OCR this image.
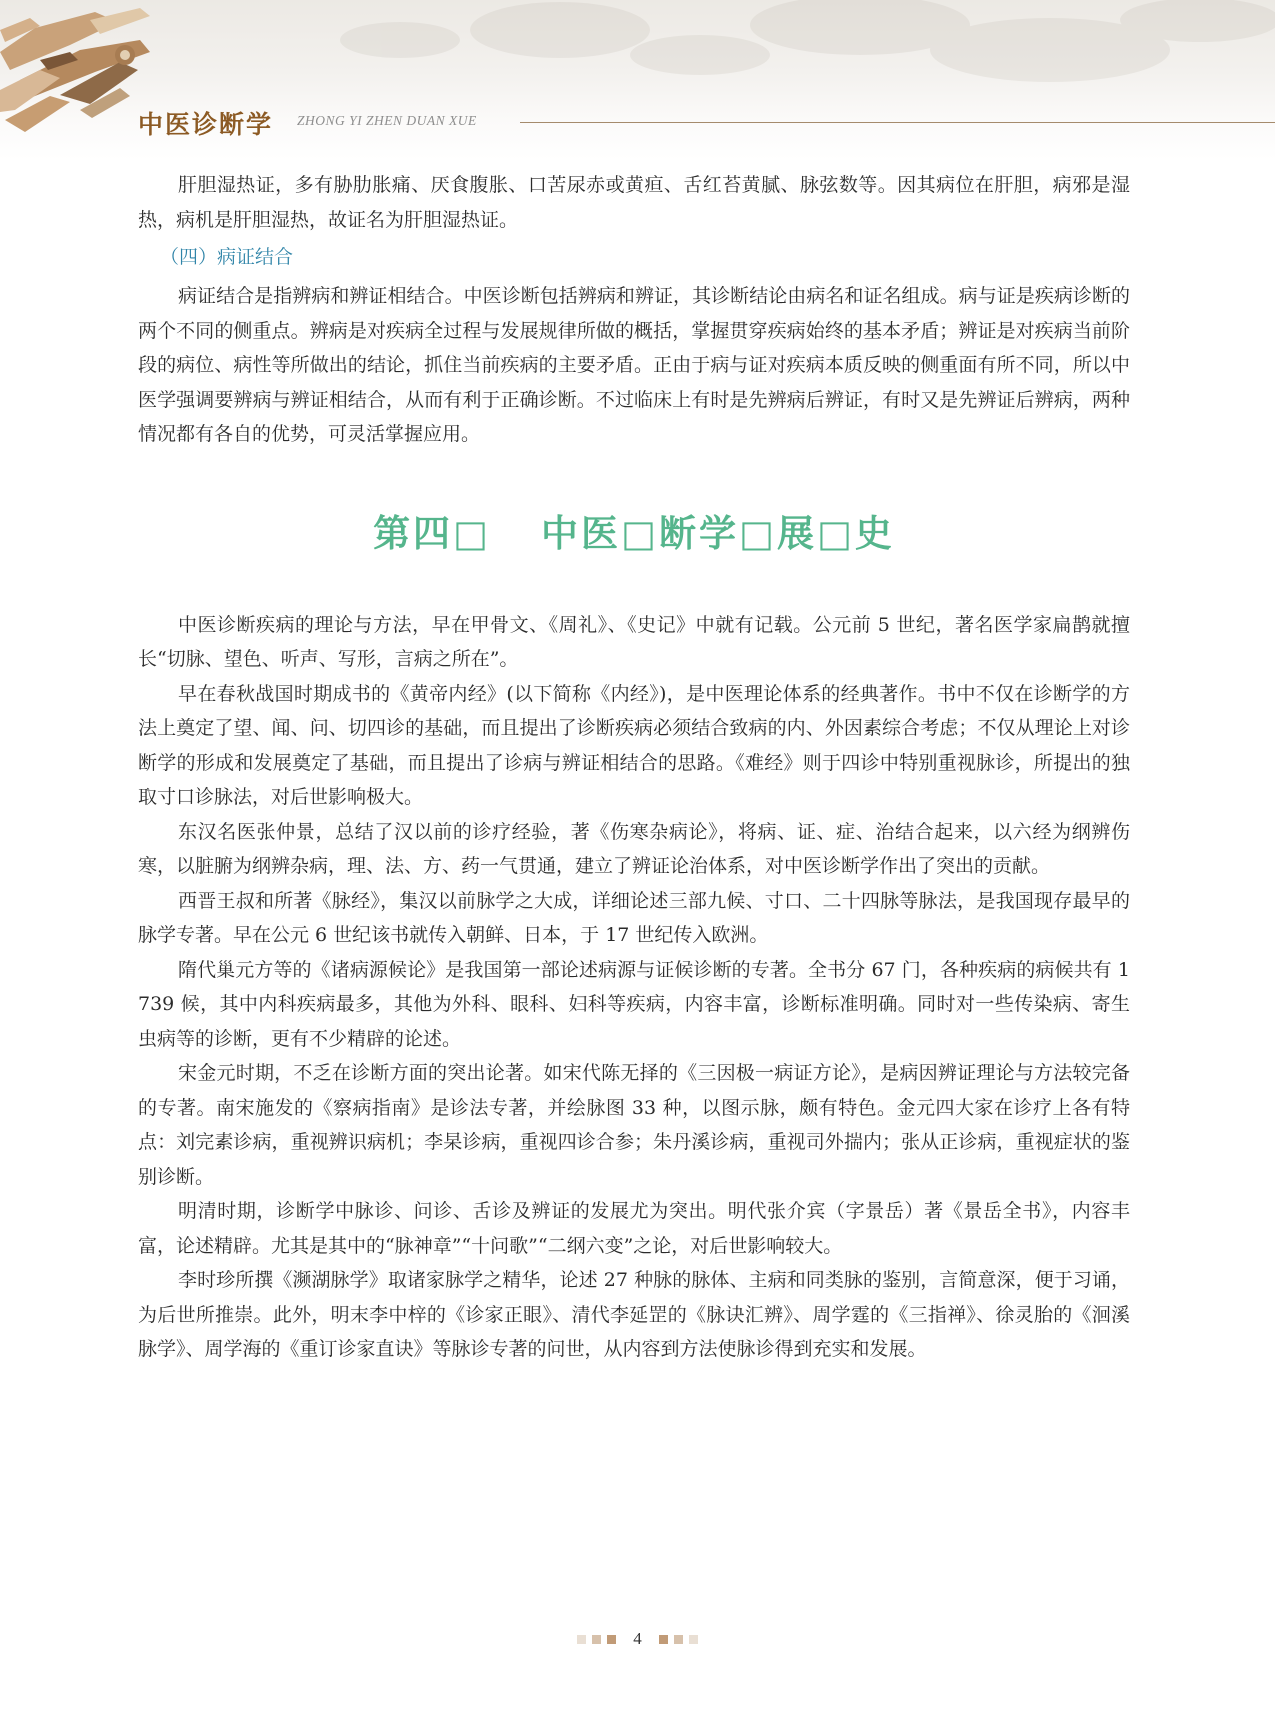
中医诊断学 ZHONG YI ZHEN DUAN XUE

肝胆湿热证，多有胁肋胀痛、厌食腹胀、口苦尿赤或黄疸、舌红苔黄腻、脉弦数等。因其病位在肝胆，病邪是湿热，病机是肝胆湿热，故证名为肝胆湿热证。

（四）病证结合

病证结合是指辨病和辨证相结合。中医诊断包括辨病和辨证，其诊断结论由病名和证名组成。病与证是疾病诊断的两个不同的侧重点。辨病是对疾病全过程与发展规律所做的概括，掌握贯穿疾病始终的基本矛盾；辨证是对疾病当前阶段的病位、病性等所做出的结论，抓住当前疾病的主要矛盾。正由于病与证对疾病本质反映的侧重面有所不同，所以中医学强调要辨病与辨证相结合，从而有利于正确诊断。不过临床上有时是先辨病后辨证，有时又是先辨证后辨病，两种情况都有各自的优势，可灵活掌握应用。

第四□ 中医□断学□展□史

中医诊断疾病的理论与方法，早在甲骨文、《周礼》、《史记》中就有记载。公元前 5 世纪，著名医学家扁鹊就擅长“切脉、望色、听声、写形，言病之所在”。

早在春秋战国时期成书的《黄帝内经》(以下简称《内经》)，是中医理论体系的经典著作。书中不仅在诊断学的方法上奠定了望、闻、问、切四诊的基础，而且提出了诊断疾病必须结合致病的内、外因素综合考虑；不仅从理论上对诊断学的形成和发展奠定了基础，而且提出了诊病与辨证相结合的思路。《难经》则于四诊中特别重视脉诊，所提出的独取寸口诊脉法，对后世影响极大。

东汉名医张仲景，总结了汉以前的诊疗经验，著《伤寒杂病论》，将病、证、症、治结合起来，以六经为纲辨伤寒，以脏腑为纲辨杂病，理、法、方、药一气贯通，建立了辨证论治体系，对中医诊断学作出了突出的贡献。

西晋王叔和所著《脉经》，集汉以前脉学之大成，详细论述三部九候、寸口、二十四脉等脉法，是我国现存最早的脉学专著。早在公元 6 世纪该书就传入朝鲜、日本，于 17 世纪传入欧洲。

隋代巢元方等的《诸病源候论》是我国第一部论述病源与证候诊断的专著。全书分 67 门，各种疾病的病候共有 1 739 候，其中内科疾病最多，其他为外科、眼科、妇科等疾病，内容丰富，诊断标准明确。同时对一些传染病、寄生虫病等的诊断，更有不少精辟的论述。

宋金元时期，不乏在诊断方面的突出论著。如宋代陈无择的《三因极一病证方论》，是病因辨证理论与方法较完备的专著。南宋施发的《察病指南》是诊法专著，并绘脉图 33 种，以图示脉，颇有特色。金元四大家在诊疗上各有特点：刘完素诊病，重视辨识病机；李杲诊病，重视四诊合参；朱丹溪诊病，重视司外揣内；张从正诊病，重视症状的鉴别诊断。

明清时期，诊断学中脉诊、问诊、舌诊及辨证的发展尤为突出。明代张介宾（字景岳）著《景岳全书》，内容丰富，论述精辟。尤其是其中的“脉神章”“十问歌”“二纲六变”之论，对后世影响较大。

李时珍所撰《濒湖脉学》取诸家脉学之精华，论述 27 种脉的脉体、主病和同类脉的鉴别，言简意深，便于习诵，为后世所推崇。此外，明末李中梓的《诊家正眼》、清代李延罡的《脉诀汇辨》、周学霆的《三指禅》、徐灵胎的《洄溪脉学》、周学海的《重订诊家直诀》等脉诊专著的问世，从内容到方法使脉诊得到充实和发展。

4
